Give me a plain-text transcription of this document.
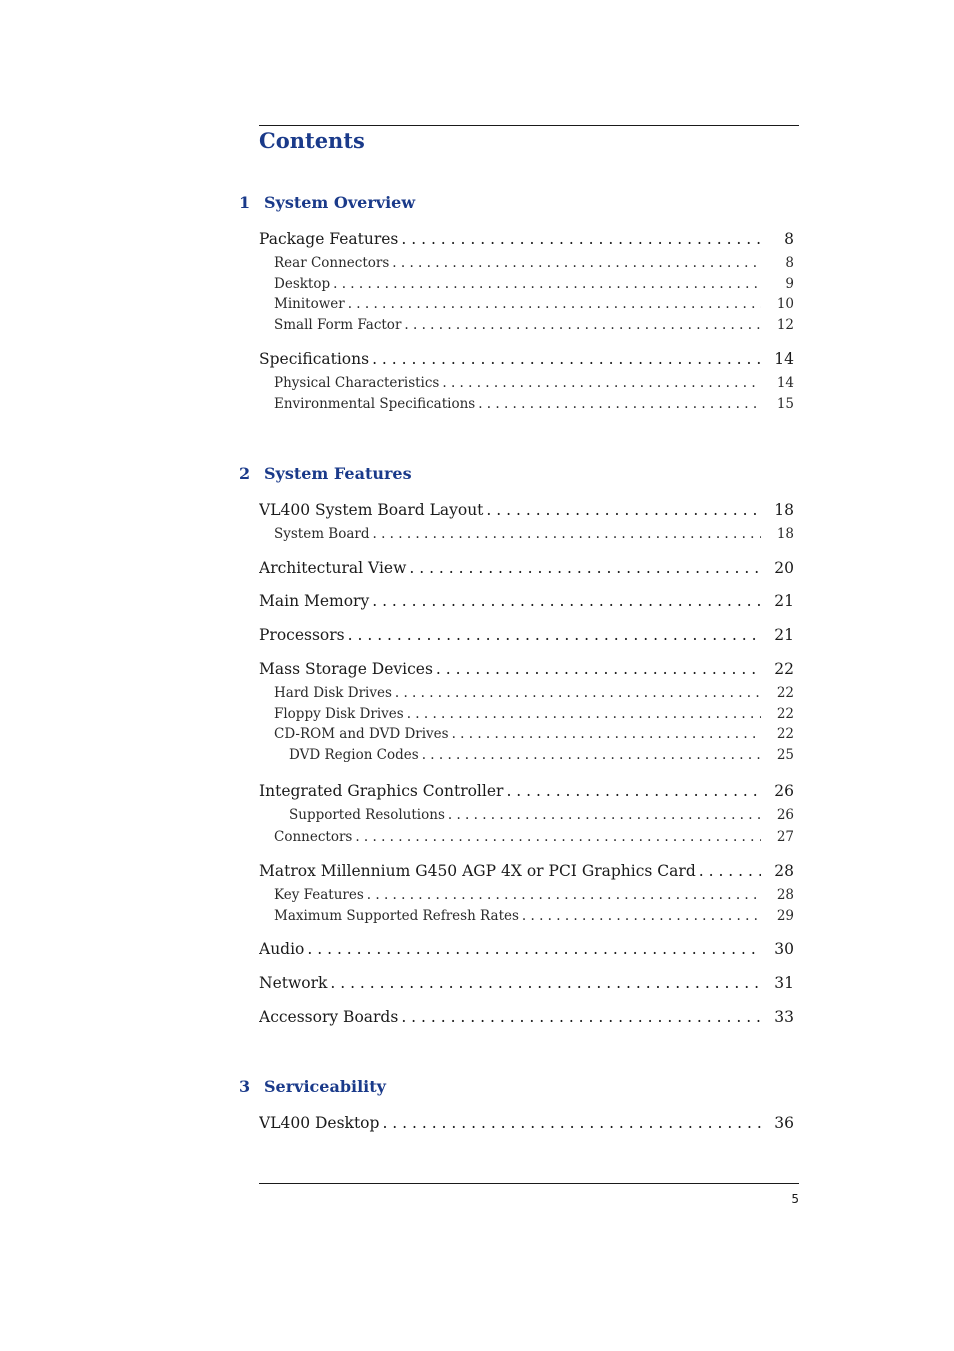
Contents
1 System Overview
Package Features . . .	8
Rear Connectors . . .	8
Desktop . . .	9
Minitower . . .	10
Small Form Factor . . .	12
Specifications . . .	14
Physical Characteristics . . .	14
Environmental Specifications . . .	15
2 System Features
VL400 System Board Layout . . .	18
System Board . . .	18
Architectural View . . .	20
Main Memory . . .	21
Processors . . .	21
Mass Storage Devices . . .	22
Hard Disk Drives . . .	22
Floppy Disk Drives . . .	22
CD-ROM and DVD Drives . . .	22
DVD Region Codes . . .	25
Integrated Graphics Controller . . .	26
Supported Resolutions . . .	26
Connectors . . .	27
Matrox Millennium G450 AGP 4X or PCI Graphics Card . . .	28
Key Features . . .	28
Maximum Supported Refresh Rates . . .	29
Audio . . .	30
Network . . .	31
Accessory Boards . . .	33
3 Serviceability
VL400 Desktop . . .	36
5
